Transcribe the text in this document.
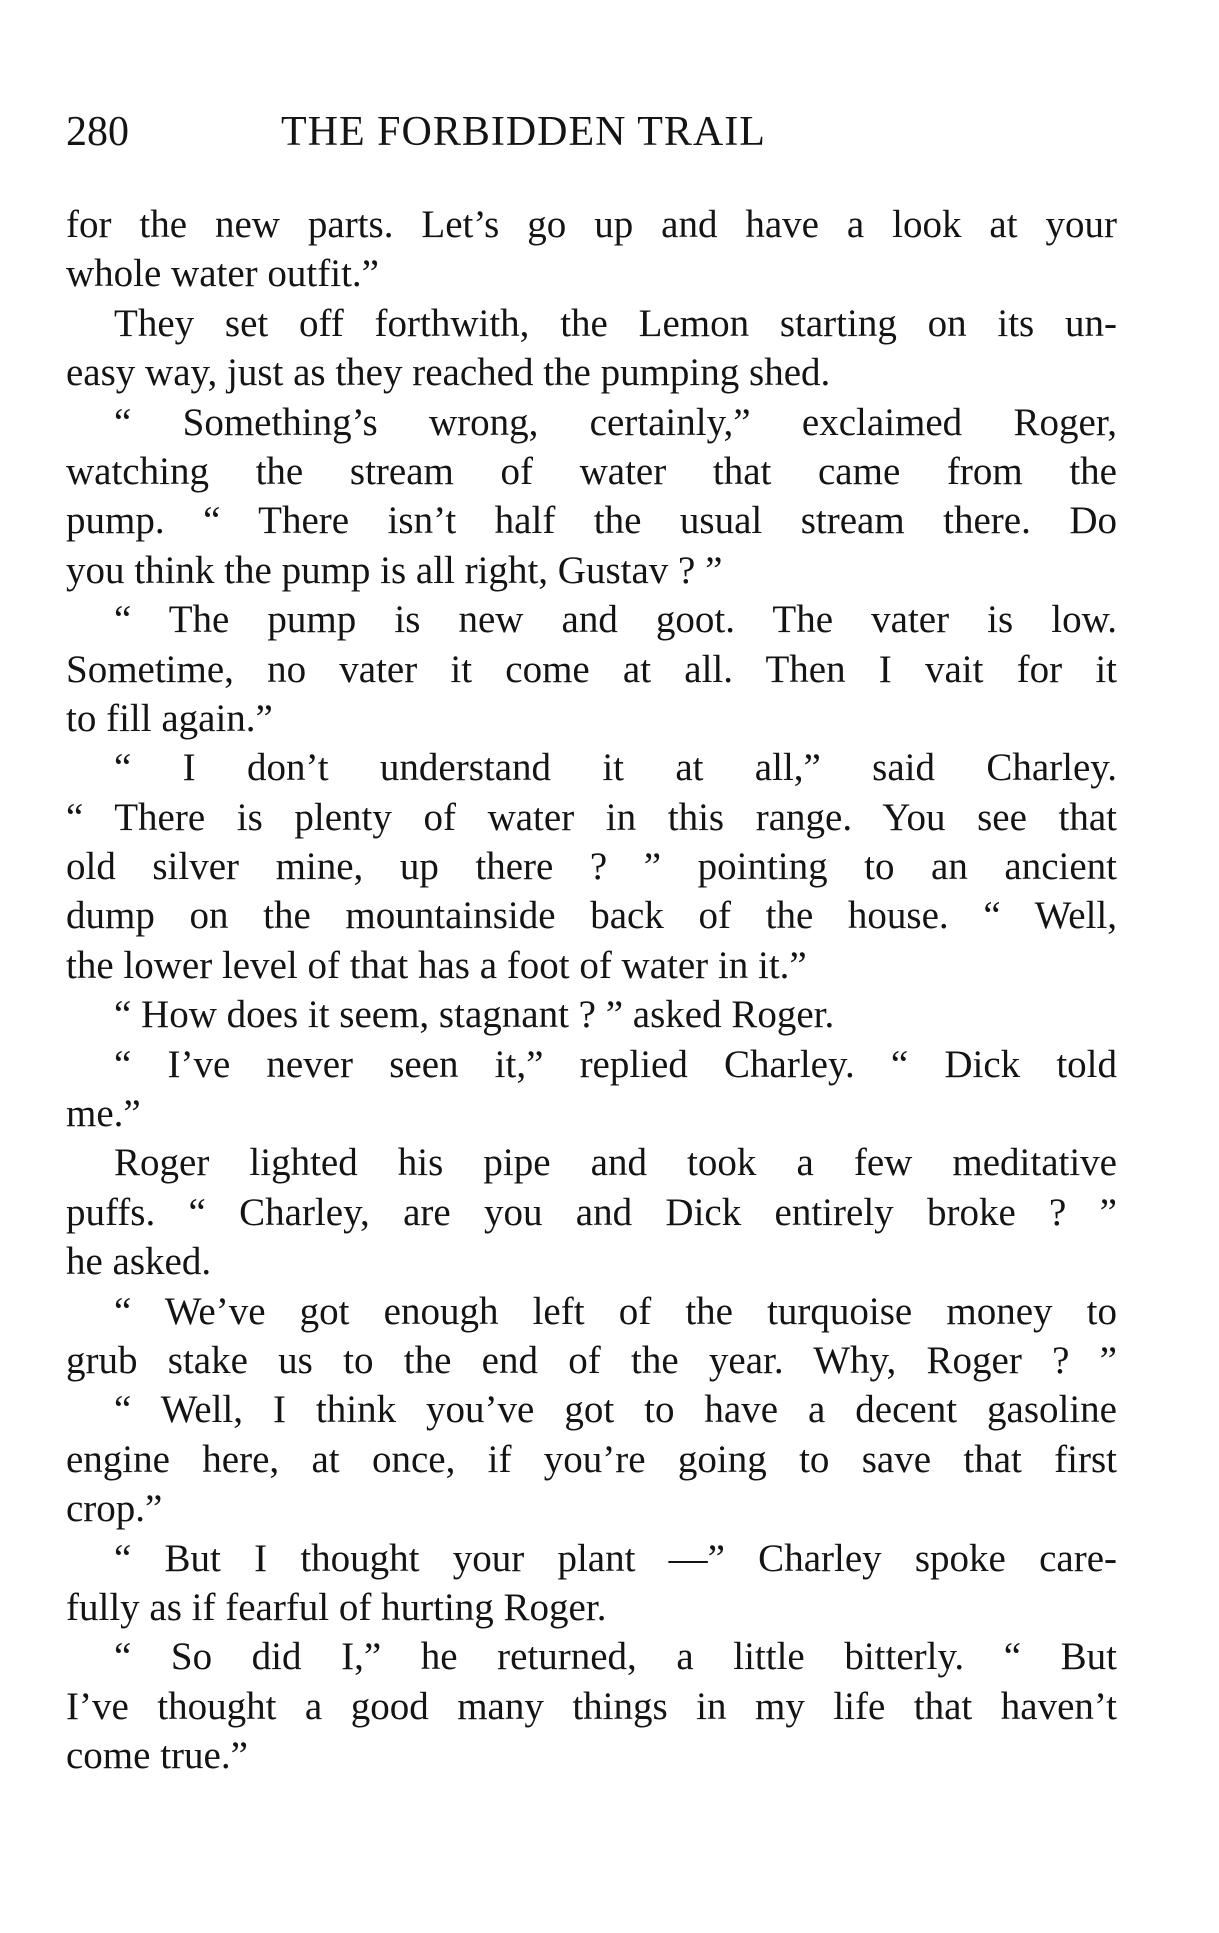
280	THE FORBIDDEN TRAIL
for the new parts. Let’s go up and have a look at your
whole water outfit.”
They set off forthwith, the Lemon starting on its un-
easy way, just as they reached the pumping shed.
“ Something’s wrong, certainly,” exclaimed Roger,
watching the stream of water that came from the
pump. “ There isn’t half the usual stream there. Do
you think the pump is all right, Gustav ? ”
“ The pump is new and goot. The vater is low.
Sometime, no vater it come at all. Then I vait for it
to fill again.”
“ I don’t understand it at all,” said Charley.
“ There is plenty of water in this range. You see that
old silver mine, up there ? ” pointing to an ancient
dump on the mountainside back of the house. “ Well,
the lower level of that has a foot of water in it.”
“ How does it seem, stagnant ? ” asked Roger.
“ I’ve never seen it,” replied Charley. “ Dick told
me.”
Roger lighted his pipe and took a few meditative
puffs. “ Charley, are you and Dick entirely broke ? ”
he asked.
“ We’ve got enough left of the turquoise money to
grub stake us to the end of the year. Why, Roger ? ”
“ Well, I think you’ve got to have a decent gasoline
engine here, at once, if you’re going to save that first
crop.”
“ But I thought your plant —” Charley spoke care-
fully as if fearful of hurting Roger.
“ So did I,” he returned, a little bitterly. “ But
I’ve thought a good many things in my life that haven’t
come true.”
